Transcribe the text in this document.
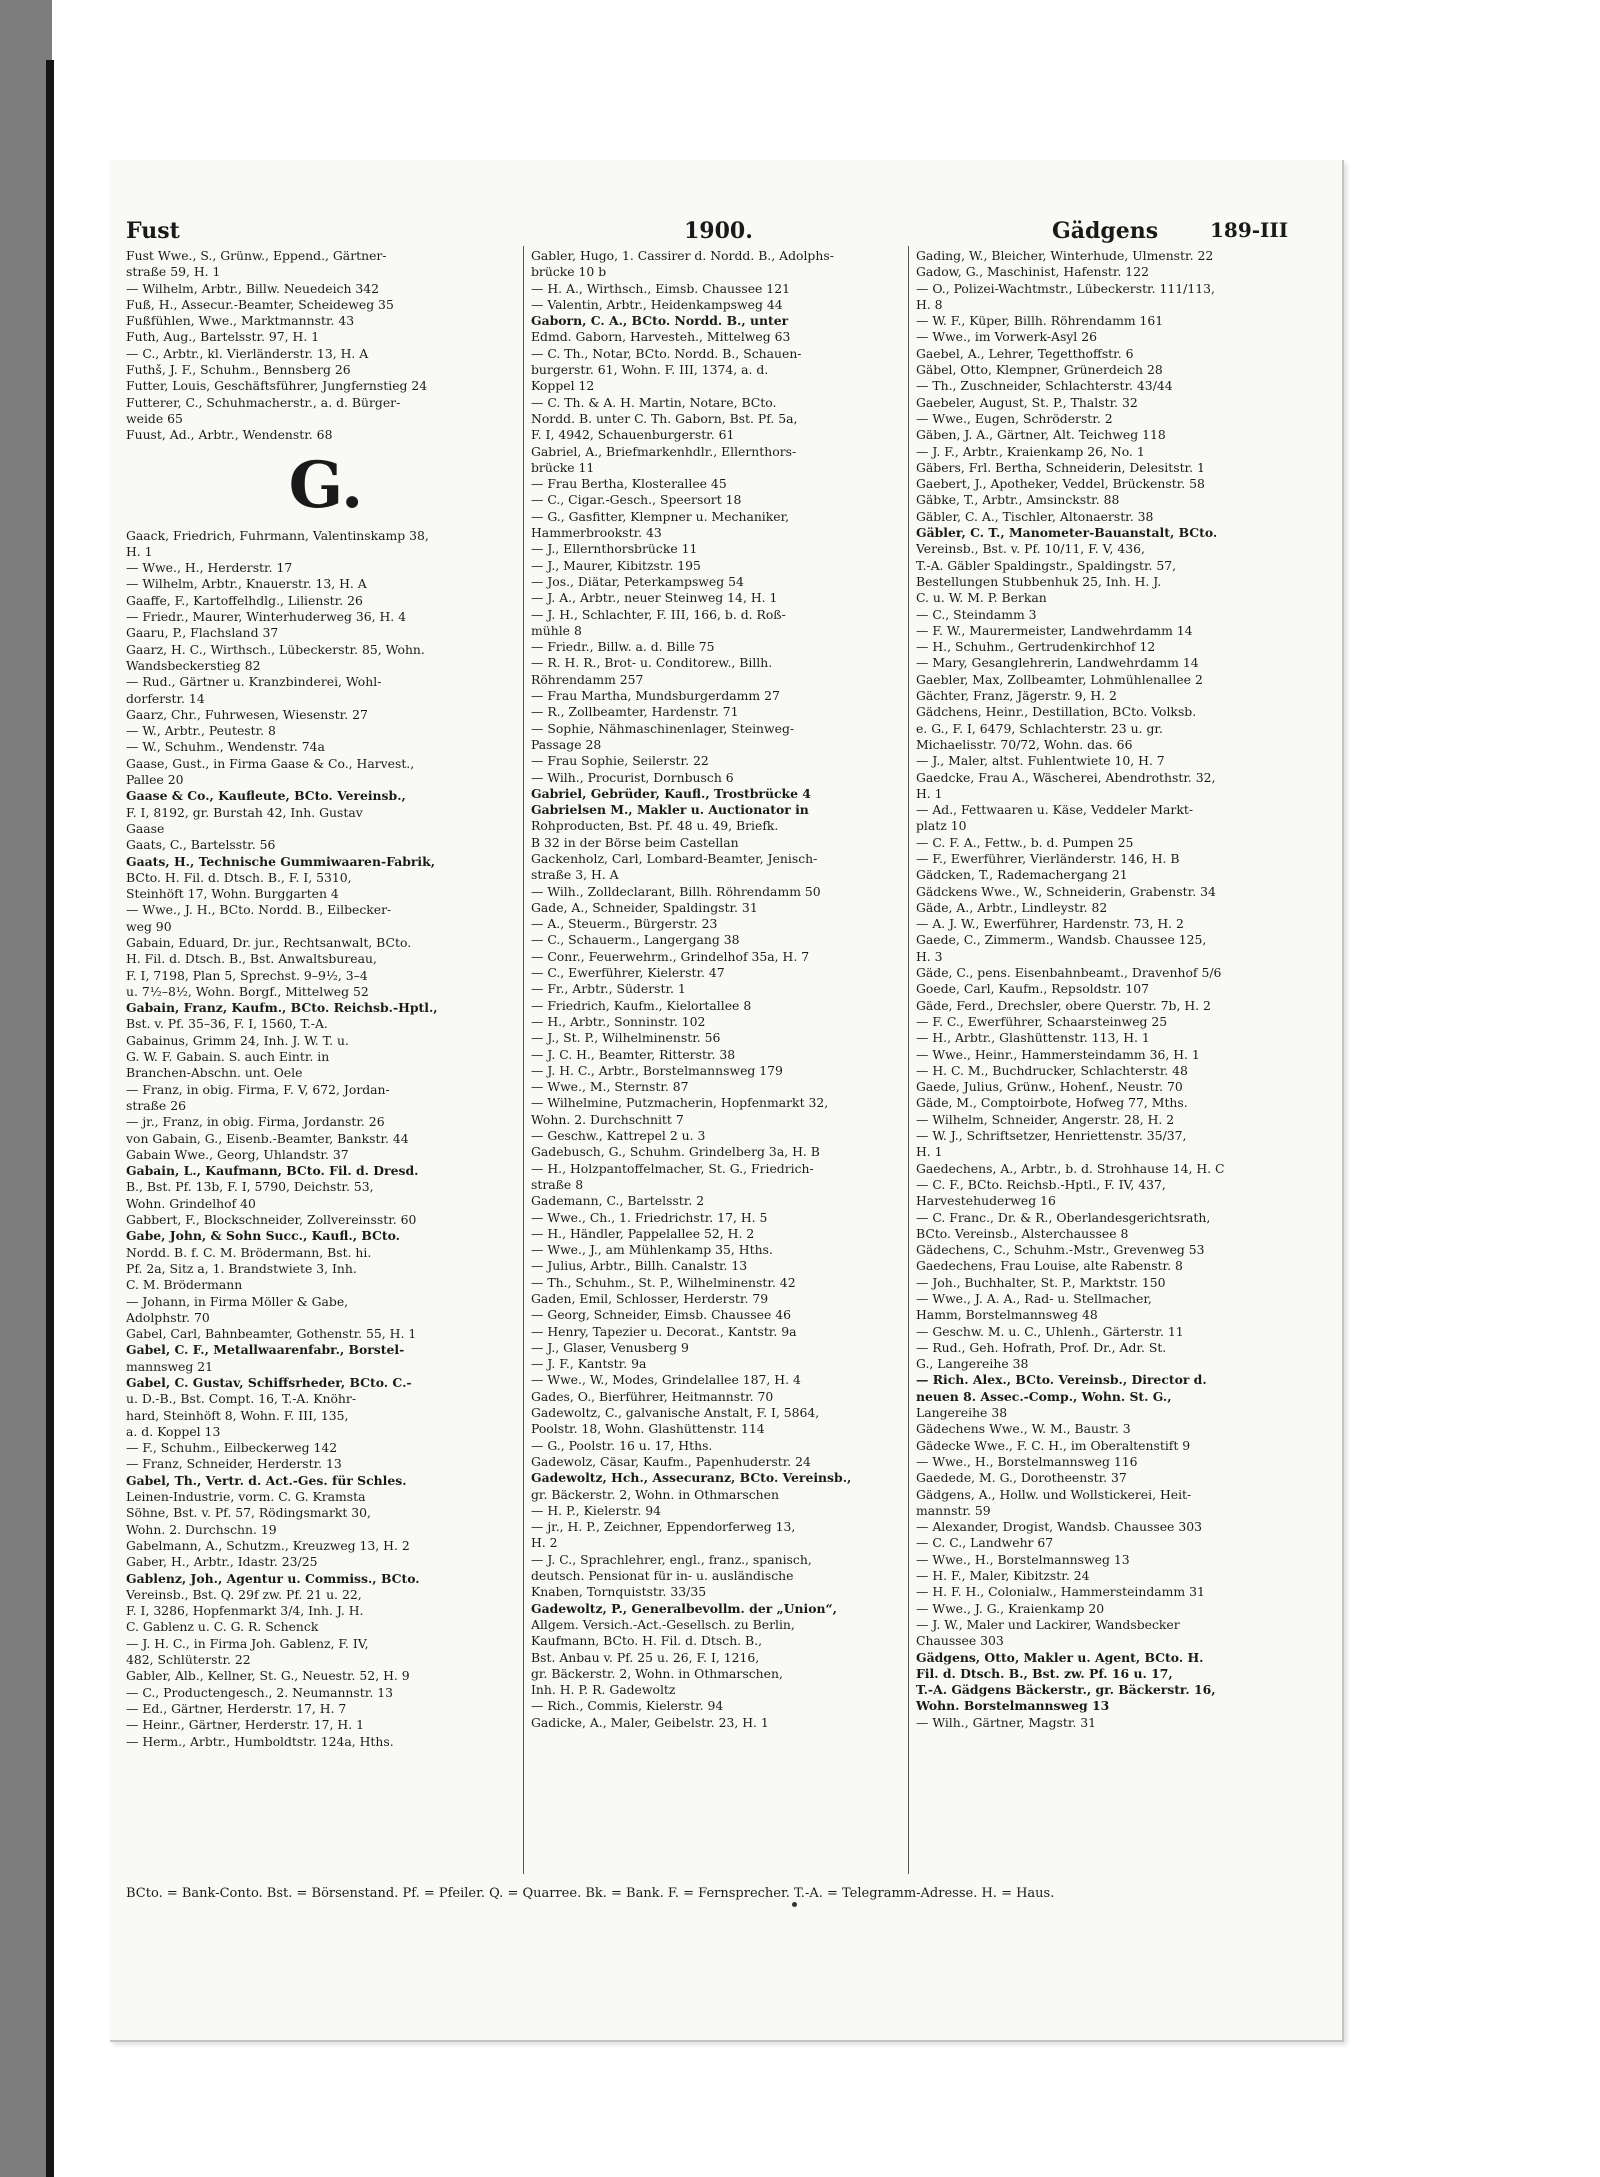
Fust	1900.	Gädgens	189-III
Fust Wwe., S., Grünw., Eppend., Gärtner-
straße 59, H. 1
— Wilhelm, Arbtr., Billw. Neuedeich 342
Fuß, H., Assecur.-Beamter, Scheideweg 35
Fußfühlen, Wwe., Marktmannstr. 43
Futh, Aug., Bartelsstr. 97, H. 1
— C., Arbtr., kl. Vierländerstr. 13, H. A
Futhš, J. F., Schuhm., Bennsberg 26
Futter, Louis, Geschäftsführer, Jungfernstieg 24
Futterer, C., Schuhmacherstr., a. d. Bürger-
weide 65
Fuust, Ad., Arbtr., Wendenstr. 68
G.
Gaack, Friedrich, Fuhrmann, Valentinskamp 38,
H. 1
— Wwe., H., Herderstr. 17
— Wilhelm, Arbtr., Knauerstr. 13, H. A
Gaaffe, F., Kartoffelhdlg., Lilienstr. 26
— Friedr., Maurer, Winterhuderweg 36, H. 4
Gaaru, P., Flachsland 37
Gaarz, H. C., Wirthsch., Lübeckerstr. 85, Wohn.
Wandsbeckerstieg 82
— Rud., Gärtner u. Kranzbinderei, Wohl-
dorferstr. 14
Gaarz, Chr., Fuhrwesen, Wiesenstr. 27
— W., Arbtr., Peutestr. 8
— W., Schuhm., Wendenstr. 74a
Gaase, Gust., in Firma Gaase & Co., Harvest.,
Pallee 20
Gaase & Co., Kaufleute, BCto. Vereinsb.,
F. I, 8192, gr. Burstah 42, Inh. Gustav
Gaase
Gaats, C., Bartelsstr. 56
Gaats, H., Technische Gummiwaaren-Fabrik,
BCto. H. Fil. d. Dtsch. B., F. I, 5310,
Steinhöft 17, Wohn. Burggarten 4
— Wwe., J. H., BCto. Nordd. B., Eilbecker-
weg 90
Gabain, Eduard, Dr. jur., Rechtsanwalt, BCto.
H. Fil. d. Dtsch. B., Bst. Anwaltsbureau,
F. I, 7198, Plan 5, Sprechst. 9–9½, 3–4
u. 7½–8½, Wohn. Borgf., Mittelweg 52
Gabain, Franz, Kaufm., BCto. Reichsb.-Hptl.,
Bst. v. Pf. 35–36, F. I, 1560, T.-A.
Gabainus, Grimm 24, Inh. J. W. T. u.
G. W. F. Gabain. S. auch Eintr. in
Branchen-Abschn. unt. Oele
— Franz, in obig. Firma, F. V, 672, Jordan-
straße 26
— jr., Franz, in obig. Firma, Jordanstr. 26
von Gabain, G., Eisenb.-Beamter, Bankstr. 44
Gabain Wwe., Georg, Uhlandstr. 37
Gabain, L., Kaufmann, BCto. Fil. d. Dresd.
B., Bst. Pf. 13b, F. I, 5790, Deichstr. 53,
Wohn. Grindelhof 40
Gabbert, F., Blockschneider, Zollvereinsstr. 60
Gabe, John, & Sohn Succ., Kaufl., BCto.
Nordd. B. f. C. M. Brödermann, Bst. hi.
Pf. 2a, Sitz a, 1. Brandstwiete 3, Inh.
C. M. Brödermann
— Johann, in Firma Möller & Gabe,
Adolphstr. 70
Gabel, Carl, Bahnbeamter, Gothenstr. 55, H. 1
Gabel, C. F., Metallwaarenfabr., Borstel-
mannsweg 21
Gabel, C. Gustav, Schiffsrheder, BCto. C.-
u. D.-B., Bst. Compt. 16, T.-A. Knöhr-
hard, Steinhöft 8, Wohn. F. III, 135,
a. d. Koppel 13
— F., Schuhm., Eilbeckerweg 142
— Franz, Schneider, Herderstr. 13
Gabel, Th., Vertr. d. Act.-Ges. für Schles.
Leinen-Industrie, vorm. C. G. Kramsta
Söhne, Bst. v. Pf. 57, Rödingsmarkt 30,
Wohn. 2. Durchschn. 19
Gabelmann, A., Schutzm., Kreuzweg 13, H. 2
Gaber, H., Arbtr., Idastr. 23/25
Gablenz, Joh., Agentur u. Commiss., BCto.
Vereinsb., Bst. Q. 29f zw. Pf. 21 u. 22,
F. I, 3286, Hopfenmarkt 3/4, Inh. J. H.
C. Gablenz u. C. G. R. Schenck
— J. H. C., in Firma Joh. Gablenz, F. IV,
482, Schlüterstr. 22
Gabler, Alb., Kellner, St. G., Neuestr. 52, H. 9
— C., Productengesch., 2. Neumannstr. 13
— Ed., Gärtner, Herderstr. 17, H. 7
— Heinr., Gärtner, Herderstr. 17, H. 1
— Herm., Arbtr., Humboldtstr. 124a, Hths.
Gabler, Hugo, 1. Cassirer d. Nordd. B., Adolphs-
brücke 10 b
— H. A., Wirthsch., Eimsb. Chaussee 121
— Valentin, Arbtr., Heidenkampsweg 44
Gaborn, C. A., BCto. Nordd. B., unter
Edmd. Gaborn, Harvesteh., Mittelweg 63
— C. Th., Notar, BCto. Nordd. B., Schauen-
burgerstr. 61, Wohn. F. III, 1374, a. d.
Koppel 12
— C. Th. & A. H. Martin, Notare, BCto.
Nordd. B. unter C. Th. Gaborn, Bst. Pf. 5a,
F. I, 4942, Schauenburgerstr. 61
Gabriel, A., Briefmarkenhdlr., Ellernthors-
brücke 11
— Frau Bertha, Klosterallee 45
— C., Cigar.-Gesch., Speersort 18
— G., Gasfitter, Klempner u. Mechaniker,
Hammerbrookstr. 43
— J., Ellernthorsbrücke 11
— J., Maurer, Kibitzstr. 195
— Jos., Diätar, Peterkampsweg 54
— J. A., Arbtr., neuer Steinweg 14, H. 1
— J. H., Schlachter, F. III, 166, b. d. Roß-
mühle 8
— Friedr., Billw. a. d. Bille 75
— R. H. R., Brot- u. Conditorew., Billh.
Röhrendamm 257
— Frau Martha, Mundsburgerdamm 27
— R., Zollbeamter, Hardenstr. 71
— Sophie, Nähmaschinenlager, Steinweg-
Passage 28
— Frau Sophie, Seilerstr. 22
— Wilh., Procurist, Dornbusch 6
Gabriel, Gebrüder, Kaufl., Trostbrücke 4
Gabrielsen M., Makler u. Auctionator in
Rohproducten, Bst. Pf. 48 u. 49, Briefk.
B 32 in der Börse beim Castellan
Gackenholz, Carl, Lombard-Beamter, Jenisch-
straße 3, H. A
— Wilh., Zolldeclarant, Billh. Röhrendamm 50
Gade, A., Schneider, Spaldingstr. 31
— A., Steuerm., Bürgerstr. 23
— C., Schauerm., Langergang 38
— Conr., Feuerwehrm., Grindelhof 35a, H. 7
— C., Ewerführer, Kielerstr. 47
— Fr., Arbtr., Süderstr. 1
— Friedrich, Kaufm., Kielortallee 8
— H., Arbtr., Sonninstr. 102
— J., St. P., Wilhelminenstr. 56
— J. C. H., Beamter, Ritterstr. 38
— J. H. C., Arbtr., Borstelmannsweg 179
— Wwe., M., Sternstr. 87
— Wilhelmine, Putzmacherin, Hopfenmarkt 32,
Wohn. 2. Durchschnitt 7
— Geschw., Kattrepel 2 u. 3
Gadebusch, G., Schuhm. Grindelberg 3a, H. B
— H., Holzpantoffelmacher, St. G., Friedrich-
straße 8
Gademann, C., Bartelsstr. 2
— Wwe., Ch., 1. Friedrichstr. 17, H. 5
— H., Händler, Pappelallee 52, H. 2
— Wwe., J., am Mühlenkamp 35, Hths.
— Julius, Arbtr., Billh. Canalstr. 13
— Th., Schuhm., St. P., Wilhelminenstr. 42
Gaden, Emil, Schlosser, Herderstr. 79
— Georg, Schneider, Eimsb. Chaussee 46
— Henry, Tapezier u. Decorat., Kantstr. 9a
— J., Glaser, Venusberg 9
— J. F., Kantstr. 9a
— Wwe., W., Modes, Grindelallee 187, H. 4
Gades, O., Bierführer, Heitmannstr. 70
Gadewoltz, C., galvanische Anstalt, F. I, 5864,
Poolstr. 18, Wohn. Glashüttenstr. 114
— G., Poolstr. 16 u. 17, Hths.
Gadewolz, Cäsar, Kaufm., Papenhuderstr. 24
Gadewoltz, Hch., Assecuranz, BCto. Vereinsb.,
gr. Bäckerstr. 2, Wohn. in Othmarschen
— H. P., Kielerstr. 94
— jr., H. P., Zeichner, Eppendorferweg 13,
H. 2
— J. C., Sprachlehrer, engl., franz., spanisch,
deutsch. Pensionat für in- u. ausländische
Knaben, Tornquiststr. 33/35
Gadewoltz, P., Generalbevollm. der „Union“,
Allgem. Versich.-Act.-Gesellsch. zu Berlin,
Kaufmann, BCto. H. Fil. d. Dtsch. B.,
Bst. Anbau v. Pf. 25 u. 26, F. I, 1216,
gr. Bäckerstr. 2, Wohn. in Othmarschen,
Inh. H. P. R. Gadewoltz
— Rich., Commis, Kielerstr. 94
Gadicke, A., Maler, Geibelstr. 23, H. 1
Gading, W., Bleicher, Winterhude, Ulmenstr. 22
Gadow, G., Maschinist, Hafenstr. 122
— O., Polizei-Wachtmstr., Lübeckerstr. 111/113,
H. 8
— W. F., Küper, Billh. Röhrendamm 161
— Wwe., im Vorwerk-Asyl 26
Gaebel, A., Lehrer, Tegetthoffstr. 6
Gäbel, Otto, Klempner, Grünerdeich 28
— Th., Zuschneider, Schlachterstr. 43/44
Gaebeler, August, St. P., Thalstr. 32
— Wwe., Eugen, Schröderstr. 2
Gäben, J. A., Gärtner, Alt. Teichweg 118
— J. F., Arbtr., Kraienkamp 26, No. 1
Gäbers, Frl. Bertha, Schneiderin, Delesitstr. 1
Gaebert, J., Apotheker, Veddel, Brückenstr. 58
Gäbke, T., Arbtr., Amsinckstr. 88
Gäbler, C. A., Tischler, Altonaerstr. 38
Gäbler, C. T., Manometer-Bauanstalt, BCto.
Vereinsb., Bst. v. Pf. 10/11, F. V, 436,
T.-A. Gäbler Spaldingstr., Spaldingstr. 57,
Bestellungen Stubbenhuk 25, Inh. H. J.
C. u. W. M. P. Berkan
— C., Steindamm 3
— F. W., Maurermeister, Landwehrdamm 14
— H., Schuhm., Gertrudenkirchhof 12
— Mary, Gesanglehrerin, Landwehrdamm 14
Gaebler, Max, Zollbeamter, Lohmühlenallee 2
Gächter, Franz, Jägerstr. 9, H. 2
Gädchens, Heinr., Destillation, BCto. Volksb.
e. G., F. I, 6479, Schlachterstr. 23 u. gr.
Michaelisstr. 70/72, Wohn. das. 66
— J., Maler, altst. Fuhlentwiete 10, H. 7
Gaedcke, Frau A., Wäscherei, Abendrothstr. 32,
H. 1
— Ad., Fettwaaren u. Käse, Veddeler Markt-
platz 10
— C. F. A., Fettw., b. d. Pumpen 25
— F., Ewerführer, Vierländerstr. 146, H. B
Gädcken, T., Rademachergang 21
Gädckens Wwe., W., Schneiderin, Grabenstr. 34
Gäde, A., Arbtr., Lindleystr. 82
— A. J. W., Ewerführer, Hardenstr. 73, H. 2
Gaede, C., Zimmerm., Wandsb. Chaussee 125,
H. 3
Gäde, C., pens. Eisenbahnbeamt., Dravenhof 5/6
Goede, Carl, Kaufm., Repsoldstr. 107
Gäde, Ferd., Drechsler, obere Querstr. 7b, H. 2
— F. C., Ewerführer, Schaarsteinweg 25
— H., Arbtr., Glashüttenstr. 113, H. 1
— Wwe., Heinr., Hammersteindamm 36, H. 1
— H. C. M., Buchdrucker, Schlachterstr. 48
Gaede, Julius, Grünw., Hohenf., Neustr. 70
Gäde, M., Comptoirbote, Hofweg 77, Mths.
— Wilhelm, Schneider, Angerstr. 28, H. 2
— W. J., Schriftsetzer, Henriettenstr. 35/37,
H. 1
Gaedechens, A., Arbtr., b. d. Strohhause 14, H. C
— C. F., BCto. Reichsb.-Hptl., F. IV, 437,
Harvestehuderweg 16
— C. Franc., Dr. & R., Oberlandesgerichtsrath,
BCto. Vereinsb., Alsterchaussee 8
Gädechens, C., Schuhm.-Mstr., Grevenweg 53
Gaedechens, Frau Louise, alte Rabenstr. 8
— Joh., Buchhalter, St. P., Marktstr. 150
— Wwe., J. A. A., Rad- u. Stellmacher,
Hamm, Borstelmannsweg 48
— Geschw. M. u. C., Uhlenh., Gärterstr. 11
— Rud., Geh. Hofrath, Prof. Dr., Adr. St.
G., Langereihe 38
— Rich. Alex., BCto. Vereinsb., Director d.
neuen 8. Assec.-Comp., Wohn. St. G.,
Langereihe 38
Gädechens Wwe., W. M., Baustr. 3
Gädecke Wwe., F. C. H., im Oberaltenstift 9
— Wwe., H., Borstelmannsweg 116
Gaedede, M. G., Dorotheenstr. 37
Gädgens, A., Hollw. und Wollstickerei, Heit-
mannstr. 59
— Alexander, Drogist, Wandsb. Chaussee 303
— C. C., Landwehr 67
— Wwe., H., Borstelmannsweg 13
— H. F., Maler, Kibitzstr. 24
— H. F. H., Colonialw., Hammersteindamm 31
— Wwe., J. G., Kraienkamp 20
— J. W., Maler und Lackirer, Wandsbecker
Chaussee 303
Gädgens, Otto, Makler u. Agent, BCto. H.
Fil. d. Dtsch. B., Bst. zw. Pf. 16 u. 17,
T.-A. Gädgens Bäckerstr., gr. Bäckerstr. 16,
Wohn. Borstelmannsweg 13
— Wilh., Gärtner, Magstr. 31
BCto. = Bank-Conto. Bst. = Börsenstand. Pf. = Pfeiler. Q. = Quarree. Bk. = Bank. F. = Fernsprecher. T.-A. = Telegramm-Adresse. H. = Haus.
